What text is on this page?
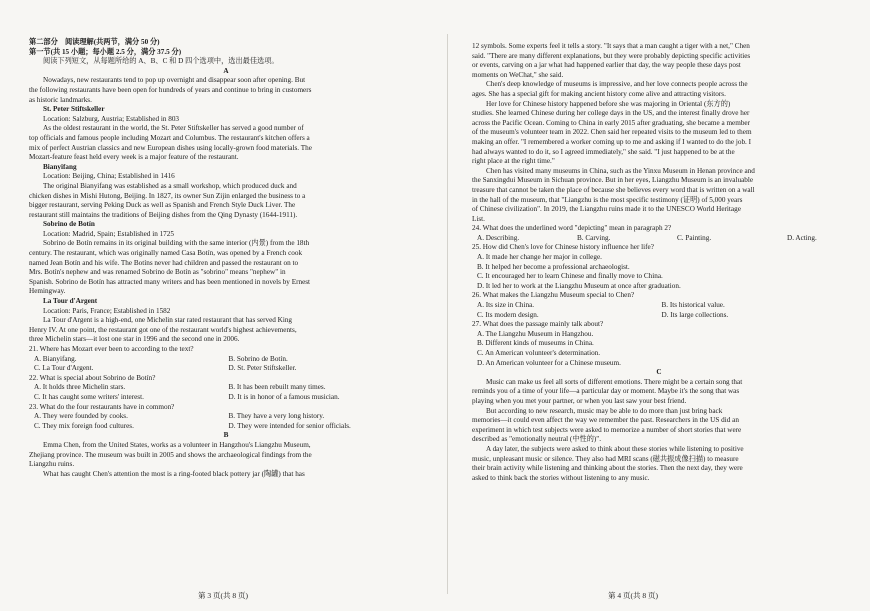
第二部分　阅读理解(共两节，满分 50 分)
第一节(共 15 小题；每小题 2.5 分，满分 37.5 分)
阅读下列短文，从每题所给的 A、B、C 和 D 四个选项中，选出最佳选项。
A
Nowadays, new restaurants tend to pop up overnight and disappear soon after opening. But
the following restaurants have been open for hundreds of years and continue to bring in customers
as historic landmarks.
St. Peter Stiftskeller
Location: Salzburg, Austria; Established in 803
As the oldest restaurant in the world, the St. Peter Stiftskeller has served a good number of
top officials and famous people including Mozart and Columbus. The restaurant's kitchen offers a
mix of perfect Austrian classics and new European dishes using locally-grown food materials. The
Mozart-feature feast held every week is a major feature of the restaurant.
Bianyifang
Location: Beijing, China; Established in 1416
The original Bianyifang was established as a small workshop, which produced duck and
chicken dishes in Mishi Hutong, Beijing. In 1827, its owner Sun Zijin enlarged the business to a
bigger restaurant, serving Peking Duck as well as Spanish and French Style Duck Liver. The
restaurant still maintains the traditions of Beijing dishes from the Qing Dynasty (1644-1911).
Sobrino de Botín
Location: Madrid, Spain; Established in 1725
Sobrino de Botín remains in its original building with the same interior (内景) from the 18th
century. The restaurant, which was originally named Casa Botín, was opened by a French cook
named Jean Botín and his wife. The Botíns never had children and passed the restaurant on to
Mrs. Botín's nephew and was renamed Sobrino de Botín as "sobrino" means "nephew" in
Spanish. Sobrino de Botín has attracted many writers and has been mentioned in novels by Ernest
Hemingway.
La Tour d'Argent
Location: Paris, France; Established in 1582
La Tour d'Argent is a high-end, one Michelin star rated restaurant that has served King
Henry IV. At one point, the restaurant got one of the restaurant world's highest achievements,
three Michelin stars—it lost one star in 1996 and the second one in 2006.
21. Where has Mozart ever been to according to the text?
A. Bianyifang.	B. Sobrino de Botín.
C. La Tour d'Argent.	D. St. Peter Stiftskeller.
22. What is special about Sobrino de Botín?
A. It holds three Michelin stars.	B. It has been rebuilt many times.
C. It has caught some writers' interest.	D. It is in honor of a famous musician.
23. What do the four restaurants have in common?
A. They were founded by cooks.	B. They have a very long history.
C. They mix foreign food cultures.	D. They were intended for senior officials.
B
Emma Chen, from the United States, works as a volunteer in Hangzhou's Liangzhu Museum,
Zhejiang province. The museum was built in 2005 and shows the archaeological findings from the
Liangzhu ruins.
What has caught Chen's attention the most is a ring-footed black pottery jar (陶罐) that has
12 symbols. Some experts feel it tells a story. "It says that a man caught a tiger with a net," Chen
said. "There are many different explanations, but they were probably depicting specific activities
or events, carving on a jar what had happened earlier that day, the way people these days post
moments on WeChat," she said.
Chen's deep knowledge of museums is impressive, and her love connects people across the
ages. She has a special gift for making ancient history come alive and attracting visitors.
Her love for Chinese history happened before she was majoring in Oriental (东方的)
studies. She learned Chinese during her college days in the US, and the interest finally drove her
across the Pacific Ocean. Coming to China in early 2015 after graduating, she became a member
of the museum's volunteer team in 2022. Chen said her repeated visits to the museum led to them
making an offer. "I remembered a worker coming up to me and asking if I wanted to do the job. I
had always wanted to do it, so I agreed immediately," she said. "I just happened to be at the
right place at the right time."
Chen has visited many museums in China, such as the Yinxu Museum in Henan province and
the Sanxingdui Museum in Sichuan province. But in her eyes, Liangzhu Museum is an invaluable
treasure that cannot be taken the place of because she believes every word that is written on a wall
in the hall of the museum, that "Liangzhu is the most specific testimony (证明) of 5,000 years
of Chinese civilization". In 2019, the Liangzhu ruins made it to the UNESCO World Heritage
List.
24. What does the underlined word "depicting" mean in paragraph 2?
A. Describing.	B. Carving.	C. Painting.	D. Acting.
25. How did Chen's love for Chinese history influence her life?
A. It made her change her major in college.
B. It helped her become a professional archaeologist.
C. It encouraged her to learn Chinese and finally move to China.
D. It led her to work at the Liangzhu Museum at once after graduation.
26. What makes the Liangzhu Museum special to Chen?
A. Its size in China.	B. Its historical value.
C. Its modern design.	D. Its large collections.
27. What does the passage mainly talk about?
A. The Liangzhu Museum in Hangzhou.
B. Different kinds of museums in China.
C. An American volunteer's determination.
D. An American volunteer for a Chinese museum.
C
Music can make us feel all sorts of different emotions. There might be a certain song that
reminds you of a time of your life—a particular day or moment. Maybe it's the song that was
playing when you met your partner, or when you last saw your best friend.
But according to new research, music may be able to do more than just bring back
memories—it could even affect the way we remember the past. Researchers in the US did an
experiment in which test subjects were asked to memorize a number of short stories that were
described as "emotionally neutral (中性的)".
A day later, the subjects were asked to think about these stories while listening to positive
music, unpleasant music or silence. They also had MRI scans (磁共振成像扫描) to measure
their brain activity while listening and thinking about the stories. Then the next day, they were
asked to think back the stories without listening to any music.
第 3 页(共 8 页)	第 4 页(共 8 页)
